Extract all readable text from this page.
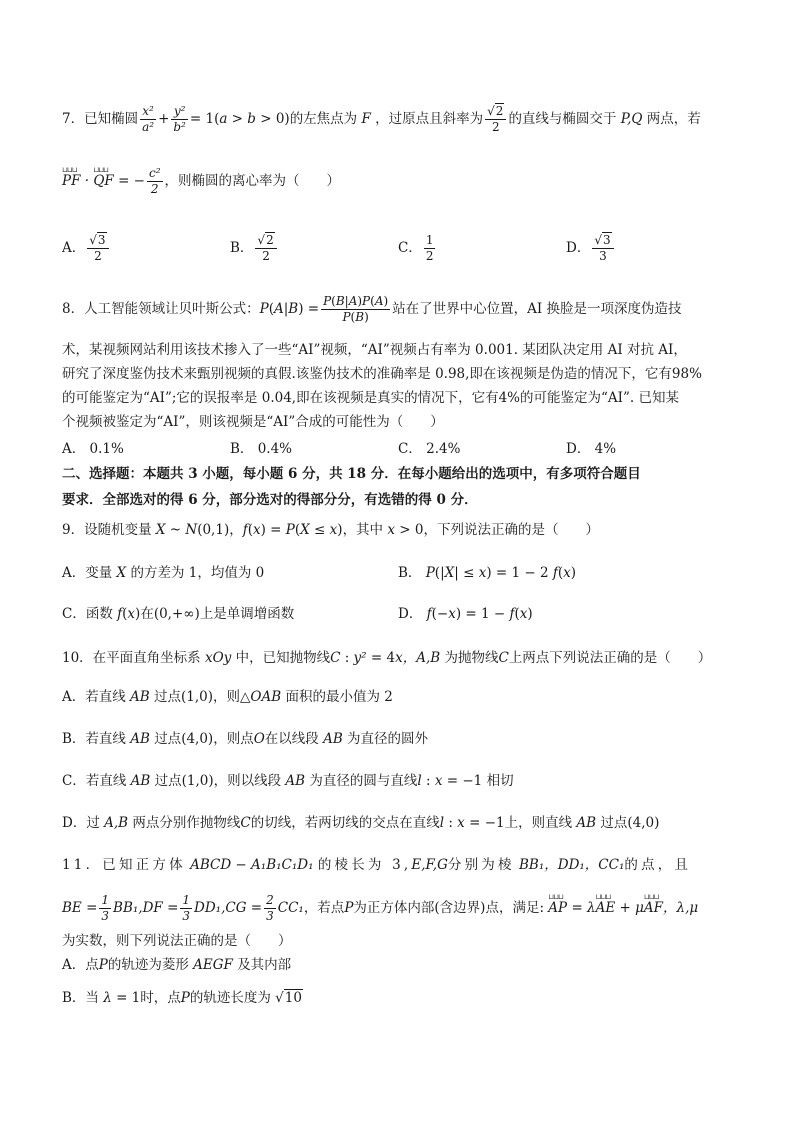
7．已知椭圆 $\frac{\text{x²}}{\text{a²}} + \frac{\text{y²}}{\text{b²}} = 1(a > b > 0)$的左焦点为 F ，过原点且斜率为 $\frac{√2}{2}$ 的直线与椭圆交于 P,Q 两点，若
⊔⊔⊔ PF · ⊔⊔⊔ QF = − $\frac{\text{c²}}{2}$ ，则椭圆的离心率为（　　）
A． $\frac{√3}{2}$	B． $\frac{√2}{2}$	C． $\frac{1}{2}$	D． $\frac{√3}{3}$
8．人工智能领域让贝叶斯公式：$P(A|B) = \frac{P(B|A)P(A)}{P(B)}$ 站在了世界中心位置，AI 换脸是一项深度伪造技
术，某视频网站利用该技术掺入了一些“AI”视频，“AI”视频占有率为 0.001. 某团队决定用 AI 对抗 AI，
研究了深度鉴伪技术来甄别视频的真假.该鉴伪技术的准确率是 0.98,即在该视频是伪造的情况下，它有98%
的可能鉴定为“AI”;它的误报率是 0.04,即在该视频是真实的情况下，它有4%的可能鉴定为“AI”. 已知某
个视频被鉴定为“AI”，则该视频是“AI”合成的可能性为（　　）
A． 0.1%	B． 0.4%	C． 2.4%	D． 4%
二、选择题：本题共 3 小题，每小题 6 分，共 18 分．在每小题给出的选项中，有多项符合题目
要求．全部选对的得 6 分，部分选对的得部分分，有选错的得 0 分．
9．设随机变量 X ~ N(0,1)，f(x) = P(X ≤ x)，其中 x > 0，下列说法正确的是（　　）
A．变量 X 的方差为 1，均值为 0	B． P(|X| ≤ x) = 1 − 2 f(x)
C．函数 f(x)在(0,+∞)上是单调增函数	D． f(−x) = 1 − f(x)
10．在平面直角坐标系 xOy 中，已知抛物线C : y² = 4x，A,B 为抛物线C上两点下列说法正确的是（　　）
A．若直线 AB 过点(1,0)，则△OAB 面积的最小值为 2
B．若直线 AB 过点(4,0)，则点O在以线段 AB 为直径的圆外
C．若直线 AB 过点(1,0)，则以线段 AB 为直径的圆与直线l : x = −1 相切
D．过 A,B 两点分别作抛物线C的切线，若两切线的交点在直线l : x = −1上，则直线 AB 过点(4,0)
11．已知正方体 ABCD − A₁B₁C₁D₁ 的棱长为 3,E,F,G分别为棱 BB₁，DD₁，CC₁的点，且
BE = $\frac{1}{3} BB_1,DF = \frac{1}{3} DD_1,CG = \frac{2}{3} CC_1$，若点P为正方体内部(含边界)点，满足: ⊔⊔⊔ AP = λ⊔⊔⊔ AE + μ⊔⊔⊔ AF，λ,μ
为实数，则下列说法正确的是（　　）
A．点P的轨迹为菱形 AEGF 及其内部
B．当 λ = 1时，点P的轨迹长度为 √10
